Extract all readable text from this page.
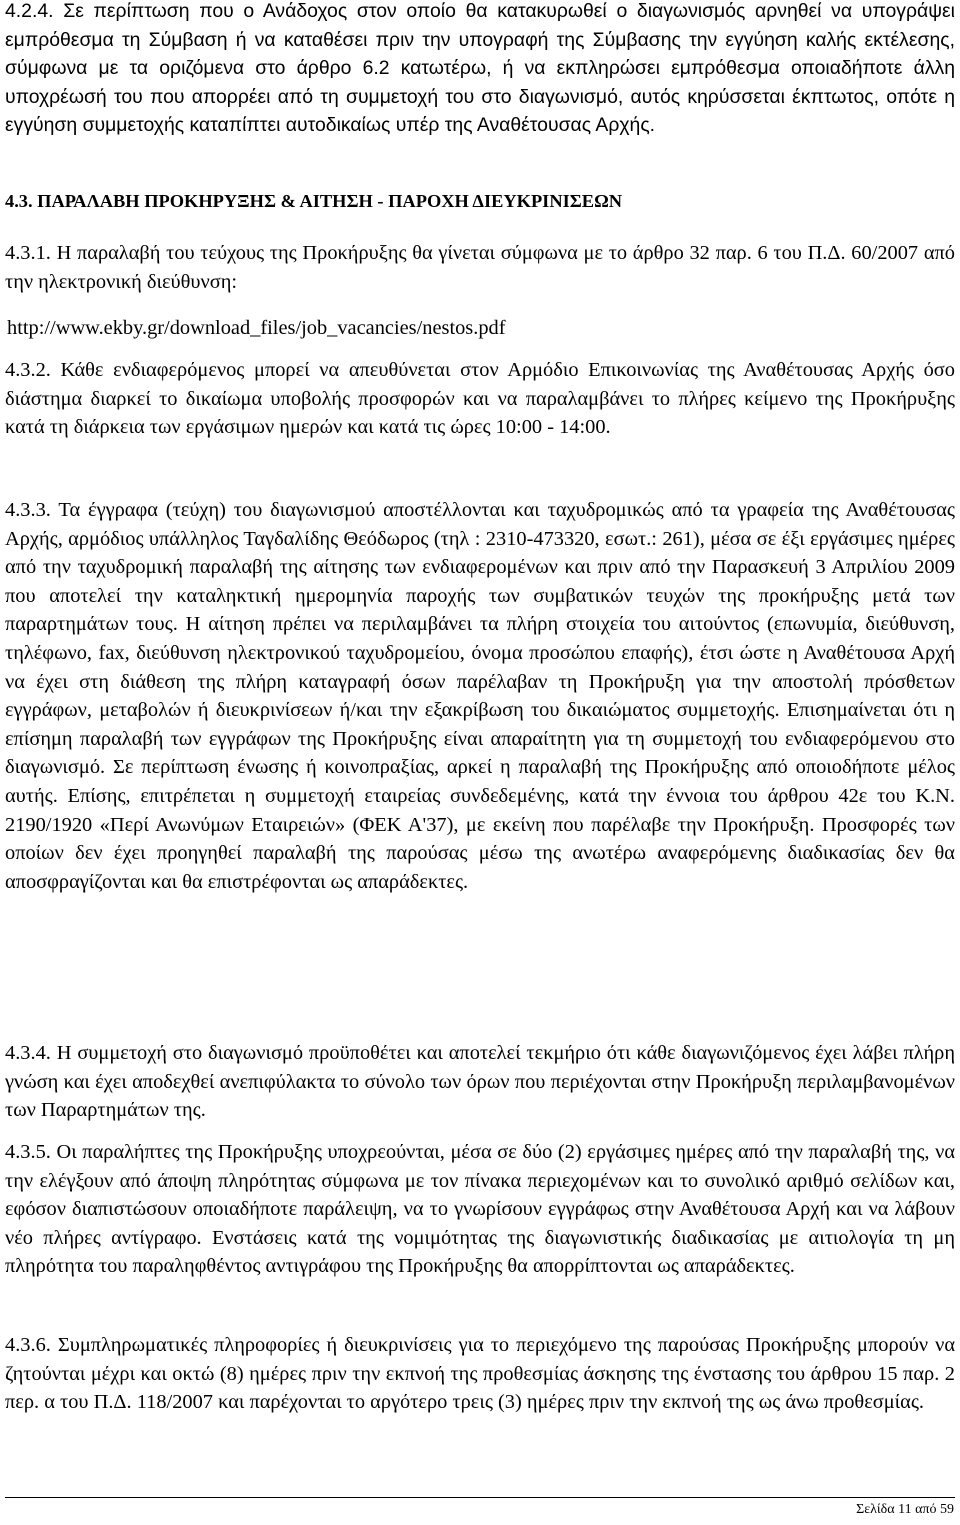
4.2.4. Σε περίπτωση που ο Ανάδοχος στον οποίο θα κατακυρωθεί ο διαγωνισμός αρνηθεί να υπογράψει εμπρόθεσμα τη Σύμβαση ή να καταθέσει πριν την υπογραφή της Σύμβασης την εγγύηση καλής εκτέλεσης, σύμφωνα με τα οριζόμενα στο άρθρο 6.2 κατωτέρω, ή να εκπληρώσει εμπρόθεσμα οποιαδήποτε άλλη υποχρέωσή του που απορρέει από τη συμμετοχή του στο διαγωνισμό, αυτός κηρύσσεται έκπτωτος, οπότε η εγγύηση συμμετοχής καταπίπτει αυτοδικαίως υπέρ της Αναθέτουσας Αρχής.

4.3. ΠΑΡΑΛΑΒΗ ΠΡΟΚΗΡΥΞΗΣ & ΑΙΤΗΣΗ - ΠΑΡΟΧΗ ΔΙΕΥΚΡΙΝΙΣΕΩΝ

4.3.1. Η παραλαβή του τεύχους της Προκήρυξης θα γίνεται σύμφωνα με το άρθρο 32 παρ. 6 του Π.Δ. 60/2007 από την ηλεκτρονική διεύθυνση:

http://www.ekby.gr/download_files/job_vacancies/nestos.pdf

4.3.2. Κάθε ενδιαφερόμενος μπορεί να απευθύνεται στον Αρμόδιο Επικοινωνίας της Αναθέτουσας Αρχής όσο διάστημα διαρκεί το δικαίωμα υποβολής προσφορών και να παραλαμβάνει το πλήρες κείμενο της Προκήρυξης κατά τη διάρκεια των εργάσιμων ημερών και κατά τις ώρες 10:00 - 14:00.

4.3.3. Τα έγγραφα (τεύχη) του διαγωνισμού αποστέλλονται και ταχυδρομικώς από τα γραφεία της Αναθέτουσας Αρχής, αρμόδιος υπάλληλος Ταγδαλίδης Θεόδωρος (τηλ : 2310-473320, εσωτ.: 261), μέσα σε έξι εργάσιμες ημέρες από την ταχυδρομική παραλαβή της αίτησης των ενδιαφερομένων και πριν από την Παρασκευή 3 Απριλίου 2009 που αποτελεί την καταληκτική ημερομηνία παροχής των συμβατικών τευχών της προκήρυξης μετά των παραρτημάτων τους. Η αίτηση πρέπει να περιλαμβάνει τα πλήρη στοιχεία του αιτούντος (επωνυμία, διεύθυνση, τηλέφωνο, fax, διεύθυνση ηλεκτρονικού ταχυδρομείου, όνομα προσώπου επαφής), έτσι ώστε η Αναθέτουσα Αρχή να έχει στη διάθεση της πλήρη καταγραφή όσων παρέλαβαν τη Προκήρυξη για την αποστολή πρόσθετων εγγράφων, μεταβολών ή διευκρινίσεων ή/και την εξακρίβωση του δικαιώματος συμμετοχής. Επισημαίνεται ότι η επίσημη παραλαβή των εγγράφων της Προκήρυξης είναι απαραίτητη για τη συμμετοχή του ενδιαφερόμενου στο διαγωνισμό. Σε περίπτωση ένωσης ή κοινοπραξίας, αρκεί η παραλαβή της Προκήρυξης από οποιοδήποτε μέλος αυτής. Επίσης, επιτρέπεται η συμμετοχή εταιρείας συνδεδεμένης, κατά την έννοια του άρθρου 42ε του Κ.Ν. 2190/1920 «Περί Ανωνύμων Εταιρειών» (ΦΕΚ Α'37), με εκείνη που παρέλαβε την Προκήρυξη. Προσφορές των οποίων δεν έχει προηγηθεί παραλαβή της παρούσας μέσω της ανωτέρω αναφερόμενης διαδικασίας δεν θα αποσφραγίζονται και θα επιστρέφονται ως απαράδεκτες.

4.3.4. Η συμμετοχή στο διαγωνισμό προϋποθέτει και αποτελεί τεκμήριο ότι κάθε διαγωνιζόμενος έχει λάβει πλήρη γνώση και έχει αποδεχθεί ανεπιφύλακτα το σύνολο των όρων που περιέχονται στην Προκήρυξη περιλαμβανομένων των Παραρτημάτων της.

4.3.5. Οι παραλήπτες της Προκήρυξης υποχρεούνται, μέσα σε δύο (2) εργάσιμες ημέρες από την παραλαβή της, να την ελέγξουν από άποψη πληρότητας σύμφωνα με τον πίνακα περιεχομένων και το συνολικό αριθμό σελίδων και, εφόσον διαπιστώσουν οποιαδήποτε παράλειψη, να το γνωρίσουν εγγράφως στην Αναθέτουσα Αρχή και να λάβουν νέο πλήρες αντίγραφο. Ενστάσεις κατά της νομιμότητας της διαγωνιστικής διαδικασίας με αιτιολογία τη μη πληρότητα του παραληφθέντος αντιγράφου της Προκήρυξης θα απορρίπτονται ως απαράδεκτες.

4.3.6. Συμπληρωματικές πληροφορίες ή διευκρινίσεις για το περιεχόμενο της παρούσας Προκήρυξης μπορούν να ζητούνται μέχρι και οκτώ (8) ημέρες πριν την εκπνοή της προθεσμίας άσκησης της ένστασης του άρθρου 15 παρ. 2 περ. α του Π.Δ. 118/2007 και παρέχονται το αργότερο τρεις (3) ημέρες πριν την εκπνοή της ως άνω προθεσμίας.

Σελίδα 11 από 59
